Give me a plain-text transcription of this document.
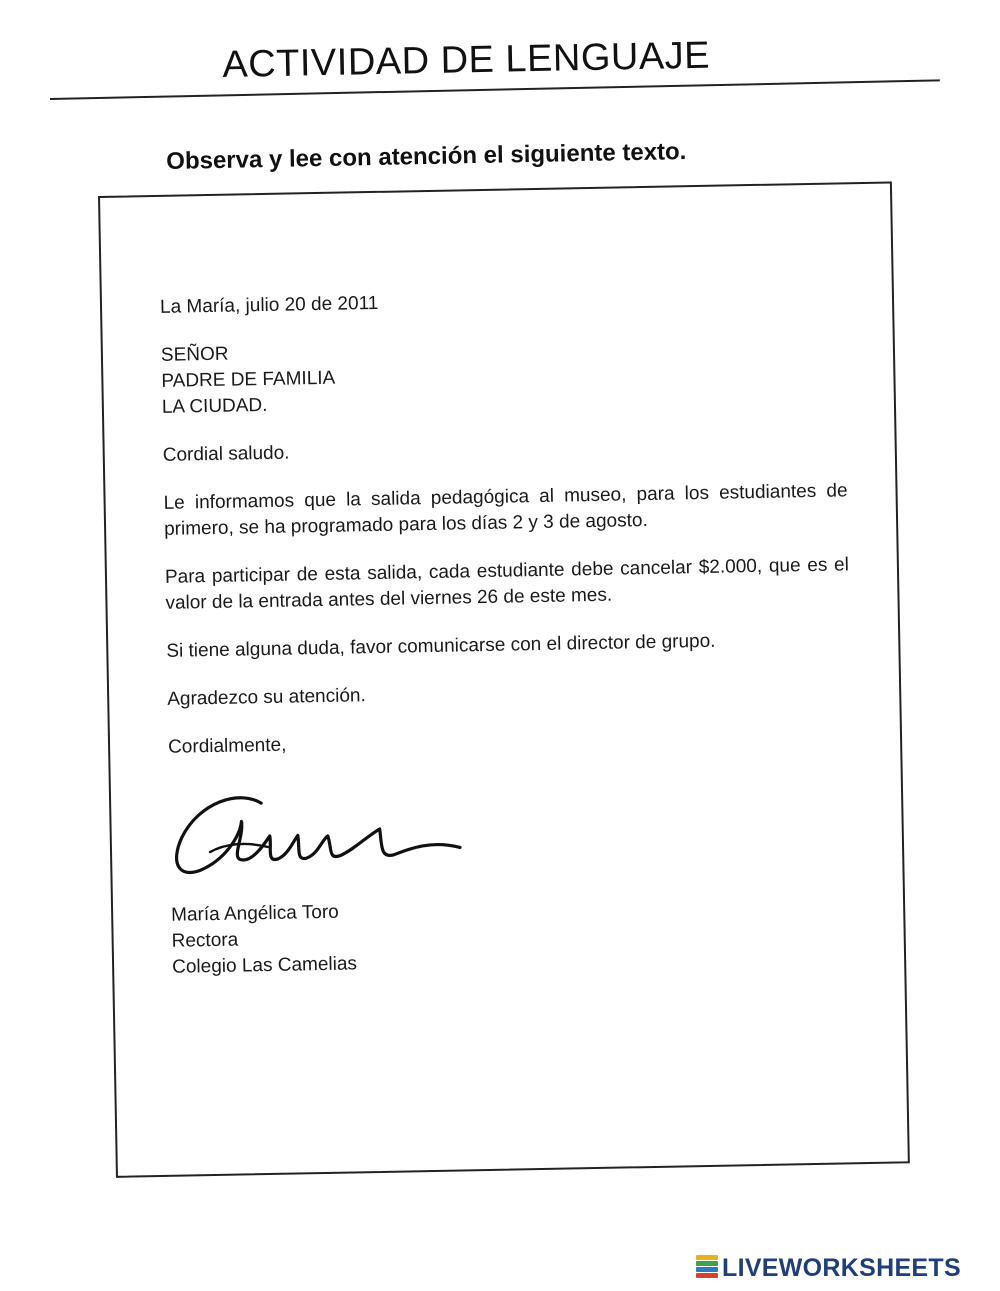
ACTIVIDAD DE LENGUAJE
Observa y lee con atención el siguiente texto.

La María, julio 20 de 2011

SEÑOR

PADRE DE FAMILIA

LA CIUDAD.

Cordial saludo.

Le informamos que la salida pedagógica al museo, para los estudiantes de primero, se ha programado para los días 2 y 3 de agosto.

Para participar de esta salida, cada estudiante debe cancelar $2.000, que es el valor de la entrada antes del viernes 26 de este mes.

Si tiene alguna duda, favor comunicarse con el director de grupo.

Agradezco su atención.

Cordialmente,

María Angélica Toro

Rectora

Colegio Las Camelias

LIVEWORKSHEETS
